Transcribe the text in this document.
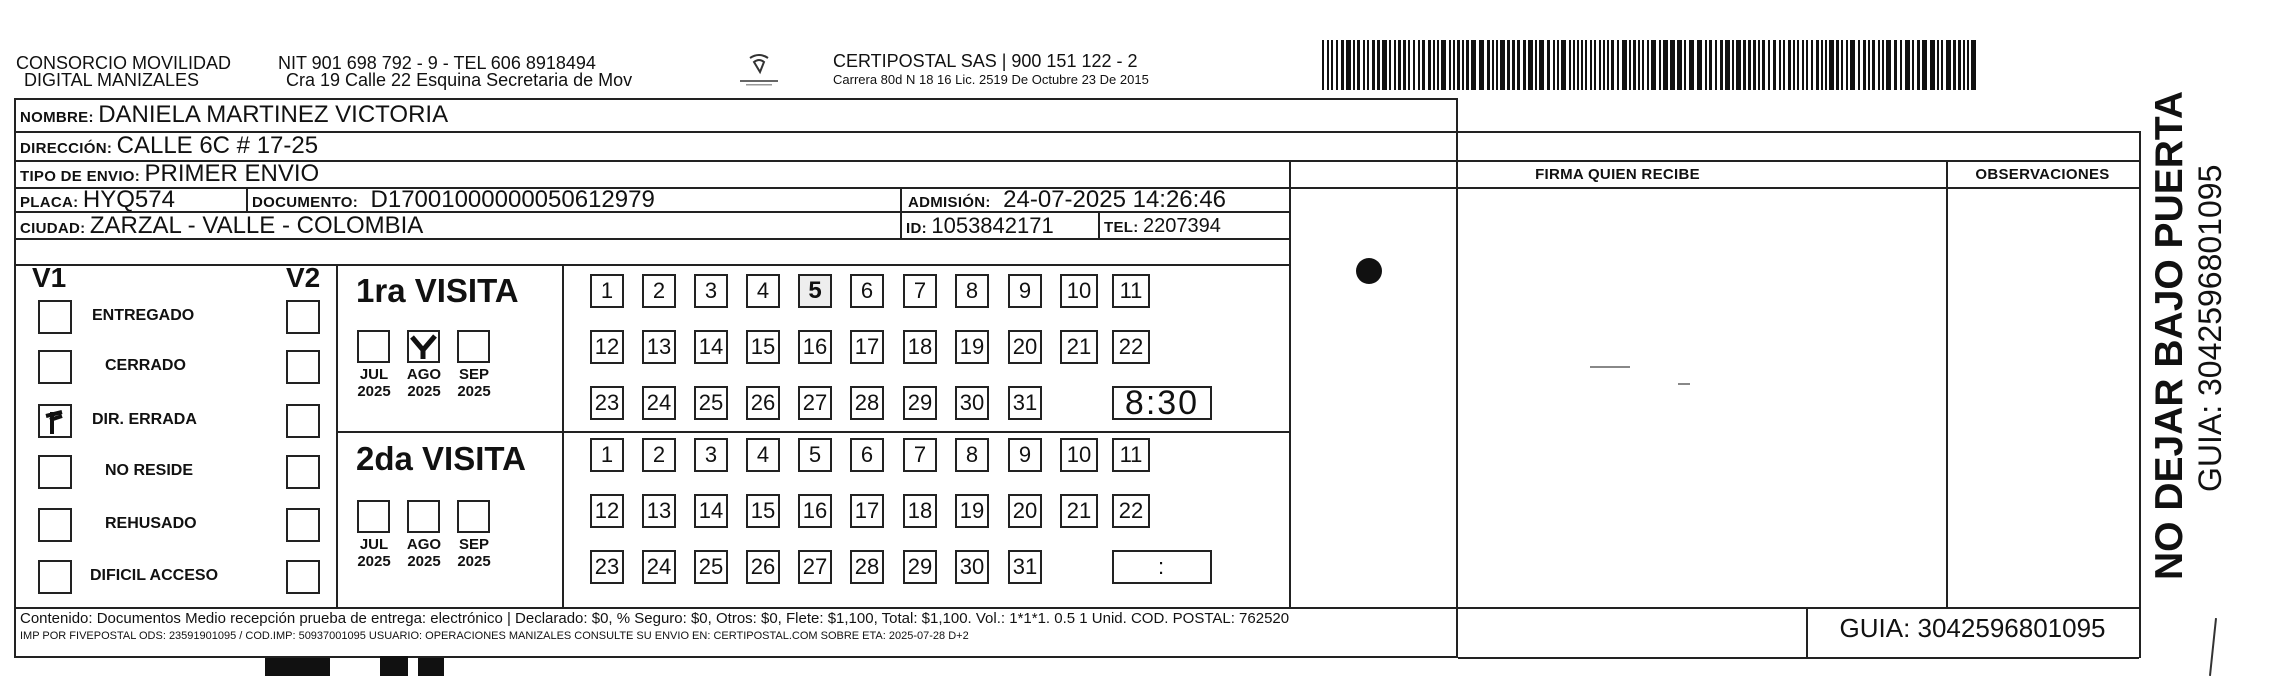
CONSORCIO MOVILIDAD
DIGITAL MANIZALES
NIT 901 698 792 - 9 - TEL 606 8918494
Cra 19 Calle 22 Esquina Secretaria de Mov
CERTIPOSTAL SAS | 900 151 122 - 2
Carrera 80d N 18 16 Lic. 2519 De Octubre 23 De 2015
NOMBRE: DANIELA MARTINEZ VICTORIA
DIRECCIÓN: CALLE 6C # 17-25
TIPO DE ENVIO: PRIMER ENVIO
PLACA: HYQ574	DOCUMENTO: D17001000000050612979	ADMISIÓN: 24-07-2025 14:26:46
CIUDAD: ZARZAL - VALLE - COLOMBIA	ID: 1053842171	TEL: 2207394
FIRMA QUIEN RECIBE	OBSERVACIONES
V1	V2
ENTREGADO
CERRADO
DIR. ERRADA
NO RESIDE
REHUSADO
DIFICIL ACCESO
1ra VISITA
2da VISITA
JUL
2025
AGO
2025
SEP
2025
JUL
2025
AGO
2025
SEP
2025
1	2	3	4	5	6	7	8	9	10	11
12 13 14 15 16 17 18 19 20	21	22
23 24 25 26 27 28 29 30 31	8:30
1	2	3	4	5	6	7	8	9	10	11
12 13 14 15 16 17 18 19 20	21	22
23 24 25 26 27 28 29 30 31	:
Contenido: Documentos Medio recepción prueba de entrega: electrónico | Declarado: $0, % Seguro: $0, Otros: $0, Flete: $1,100, Total: $1,100. Vol.: 1*1*1. 0.5 1 Unid. COD. POSTAL: 762520
IMP POR FIVEPOSTAL ODS: 23591901095 / COD.IMP: 50937001095 USUARIO: OPERACIONES MANIZALES CONSULTE SU ENVIO EN: CERTIPOSTAL.COM SOBRE ETA: 2025-07-28 D+2	GUIA: 3042596801095
NO DEJAR BAJO PUERTA GUIA: 3042596801095
